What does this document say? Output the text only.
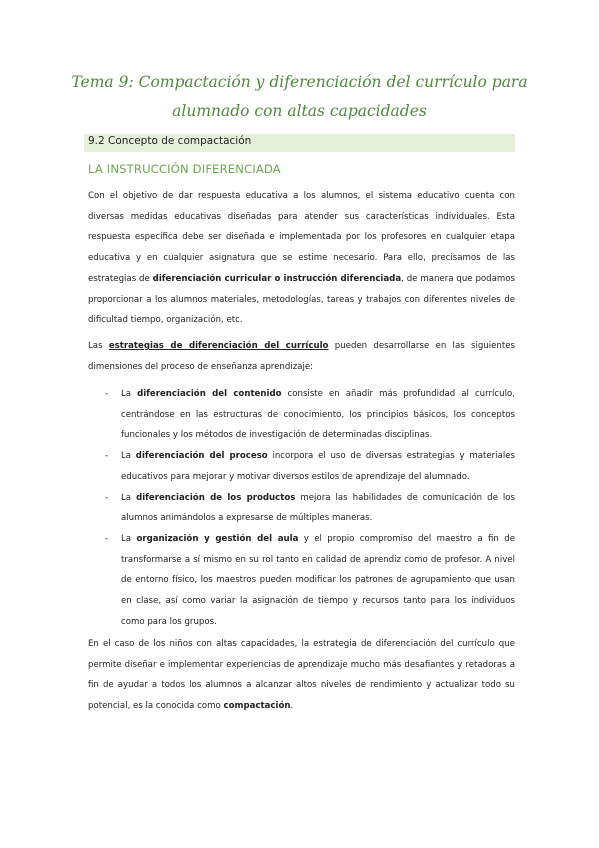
Tema 9: Compactación y diferenciación del currículo para
alumnado con altas capacidades
9.2 Concepto de compactación
LA INSTRUCCIÓN DIFERENCIADA

Con el objetivo de dar respuesta educativa a los alumnos, el sistema educativo cuenta con diversas medidas educativas diseñadas para atender sus características individuales. Esta respuesta específica debe ser diseñada e implementada por los profesores en cualquier etapa educativa y en cualquier asignatura que se estime necesario. Para ello, precisamos de las estrategias de diferenciación curricular o instrucción diferenciada, de manera que podamos proporcionar a los alumnos materiales, metodologías, tareas y trabajos con diferentes niveles de dificultad tiempo, organización, etc.

Las estrategias de diferenciación del currículo pueden desarrollarse en las siguientes dimensiones del proceso de enseñanza aprendizaje:

- La diferenciación del contenido consiste en añadir más profundidad al currículo, centrándose en las estructuras de conocimiento, los principios básicos, los conceptos funcionales y los métodos de investigación de determinadas disciplinas.
- La diferenciación del proceso incorpora el uso de diversas estrategias y materiales educativos para mejorar y motivar diversos estilos de aprendizaje del alumnado.
- La diferenciación de los productos mejora las habilidades de comunicación de los alumnos animándolos a expresarse de múltiples maneras.
- La organización y gestión del aula y el propio compromiso del maestro a fin de transformarse a sí mismo en su rol tanto en calidad de aprendiz como de profesor. A nivel de entorno físico, los maestros pueden modificar los patrones de agrupamiento que usan en clase, así como variar la asignación de tiempo y recursos tanto para los individuos como para los grupos.

En el caso de los niños con altas capacidades, la estrategia de diferenciación del currículo que permite diseñar e implementar experiencias de aprendizaje mucho más desafiantes y retadoras a fin de ayudar a todos los alumnos a alcanzar altos niveles de rendimiento y actualizar todo su potencial, es la conocida como compactación.
